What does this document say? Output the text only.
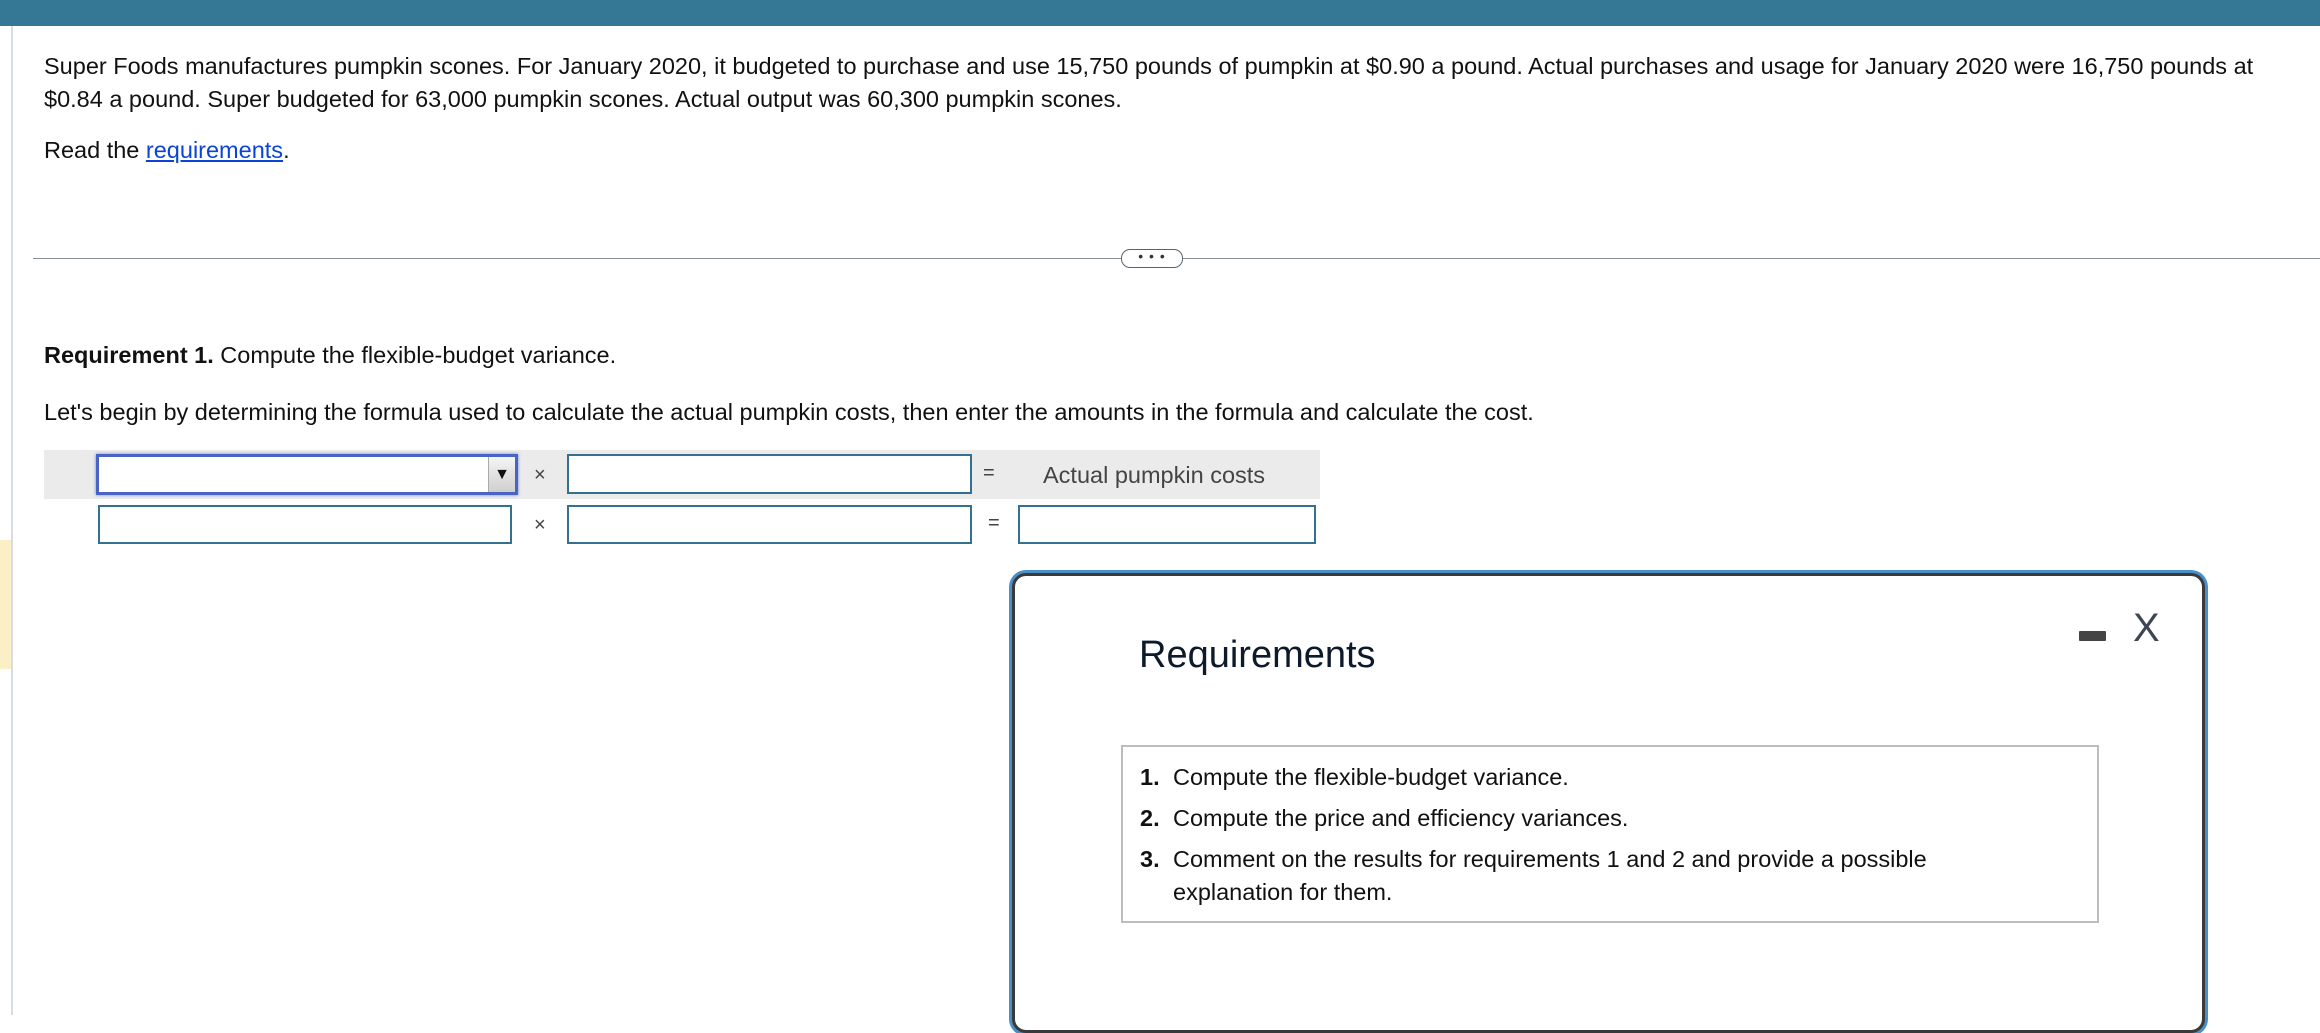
Super Foods manufactures pumpkin scones. For January 2020, it budgeted to purchase and use 15,750 pounds of pumpkin at $0.90 a pound. Actual purchases and usage for January 2020 were 16,750 pounds at $0.84 a pound. Super budgeted for 63,000 pumpkin scones. Actual output was 60,300 pumpkin scones.
Read the requirements.
• • •
Requirement 1. Compute the flexible-budget variance.
Let's begin by determining the formula used to calculate the actual pumpkin costs, then enter the amounts in the formula and calculate the cost.
▼ ×	= Actual pumpkin costs
×	=
Requirements
X
1. Compute the flexible-budget variance.
2. Compute the price and efficiency variances.
3. Comment on the results for requirements 1 and 2 and provide a possible explanation for them.
